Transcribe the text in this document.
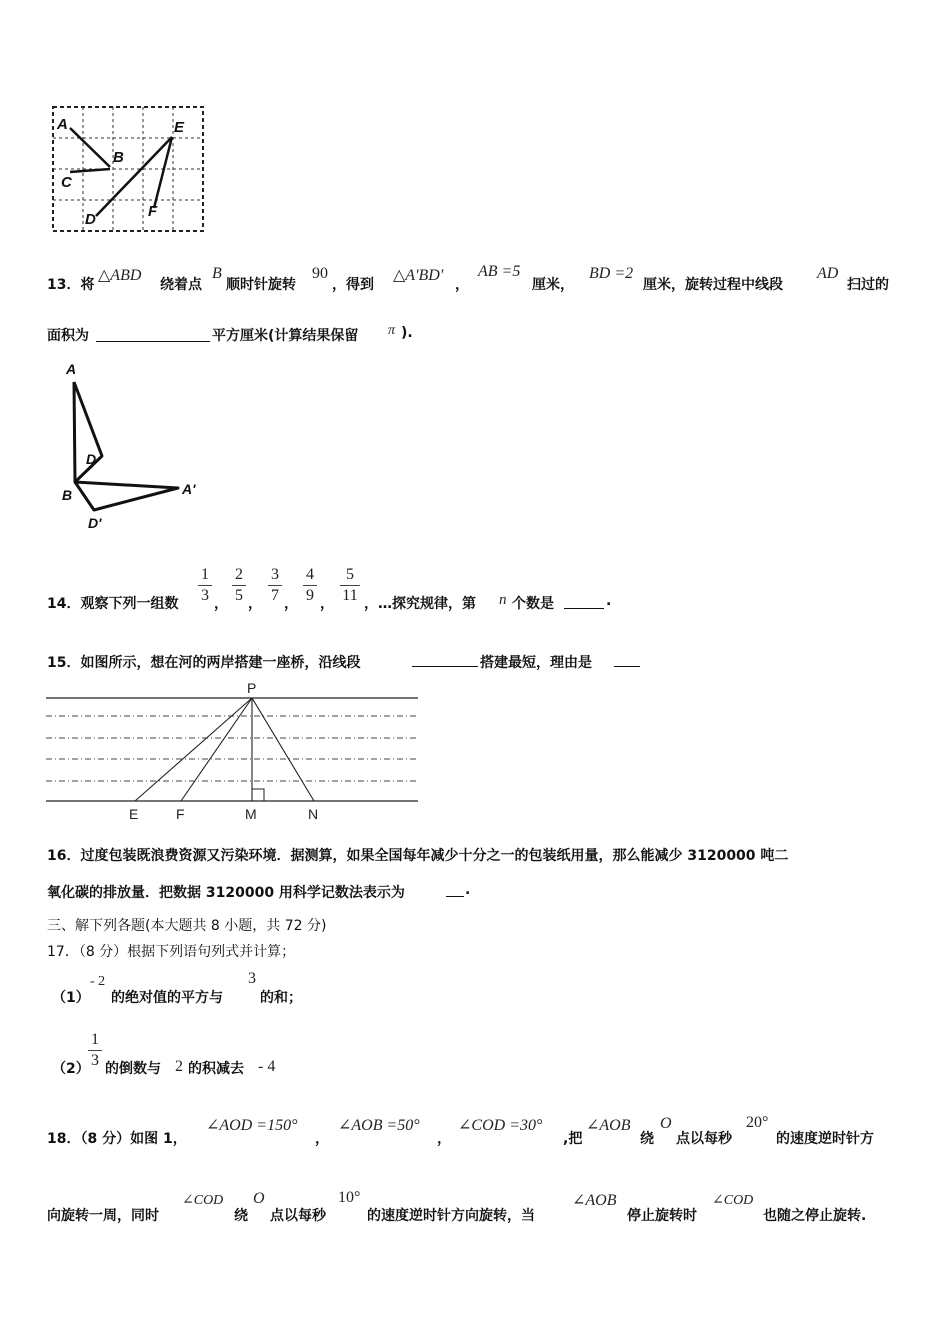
A
B
C
D
E
F
13．将
△ABD
绕着点
B
顺时针旋转
90
，得到
△A'BD'
，
AB =5
厘米，
BD =2
厘米，旋转过程中线段
AD
扫过的
面积为	平方厘米(计算结果保留 π ).
A
D
B	A'
D'
14．观察下列一组数
1
3 ，
2
5 ，
3
7 ，
4
9 ，
5
11 ，…探究规律，第 n 个数是	.
15．如图所示，想在河的两岸搭建一座桥，沿线段	搭建最短，理由是
P
E	F	M	N
16．过度包装既浪费资源又污染环境．据测算，如果全国每年减少十分之一的包装纸用量，那么能减少 3120000 吨二
氧化碳的排放量．把数据 3120000 用科学记数法表示为	.
三、解下列各题(本大题共 8 小题，共 72 分)
17．（8 分）根据下列语句列式并计算；
（1）
- 2
的绝对值的平方与
3
的和；
（2）
1
3 的倒数与 2 的积减去 - 4
18．（8 分）如图 1，
∠AOD =150°
，
∠AOB =50°
，
∠COD =30°
,把
∠AOB
绕
O
点以每秒
20°
的速度逆时针方
向旋转一周，同时
∠COD
绕
O
点以每秒
10°
的速度逆时针方向旋转，当
∠AOB
停止旋转时
∠COD
也随之停止旋转.
